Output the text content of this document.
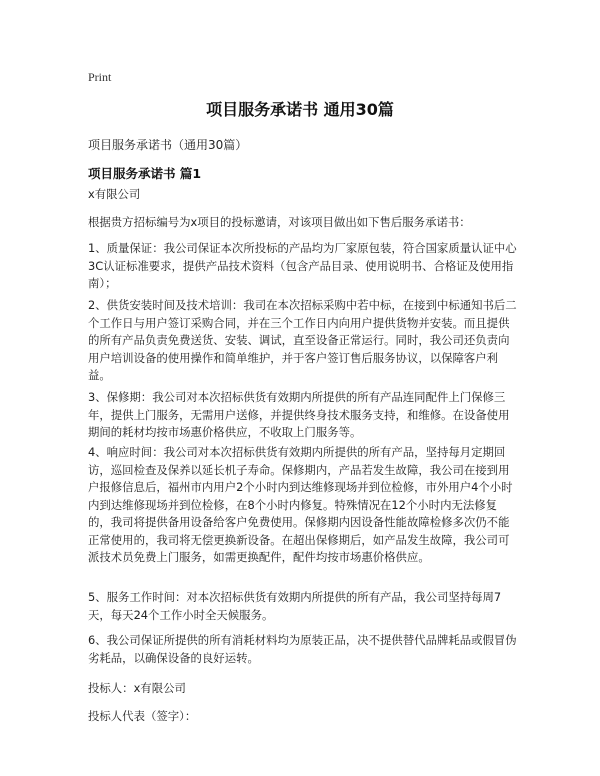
Print
项目服务承诺书 通用30篇
项目服务承诺书（通用30篇）
项目服务承诺书 篇1
x有限公司
根据贵方招标编号为x项目的投标邀请，对该项目做出如下售后服务承诺书：
1、质量保证：我公司保证本次所投标的产品均为厂家原包装，符合国家质量认证中心3C认证标准要求，提供产品技术资料（包含产品目录、使用说明书、合格证及使用指南）；
2、供货安装时间及技术培训：我司在本次招标采购中若中标，在接到中标通知书后二个工作日与用户签订采购合同，并在三个工作日内向用户提供货物并安装。而且提供的所有产品负责免费送货、安装、调试，直至设备正常运行。同时，我公司还负责向用户培训设备的使用操作和简单维护，并于客户签订售后服务协议，以保障客户利益。
3、保修期：我公司对本次招标供货有效期内所提供的所有产品连同配件上门保修三年，提供上门服务，无需用户送修，并提供终身技术服务支持，和维修。在设备使用期间的耗材均按市场惠价格供应，不收取上门服务等。
4、响应时间：我公司对本次招标供货有效期内所提供的所有产品，坚持每月定期回访，巡回检查及保养以延长机子寿命。保修期内，产品若发生故障，我公司在接到用户报修信息后，福州市内用户2个小时内到达维修现场并到位检修，市外用户4个小时内到达维修现场并到位检修，在8个小时内修复。特殊情况在12个小时内无法修复的，我司将提供备用设备给客户免费使用。保修期内因设备性能故障检修多次仍不能正常使用的，我司将无偿更换新设备。在超出保修期后，如产品发生故障，我公司可派技术员免费上门服务，如需更换配件，配件均按市场惠价格供应。
5、服务工作时间：对本次招标供货有效期内所提供的所有产品，我公司坚持每周7天，每天24个工作小时全天候服务。
6、我公司保证所提供的所有消耗材料均为原装正品，决不提供替代品牌耗品或假冒伪劣耗品，以确保设备的良好运转。
投标人：x有限公司
投标人代表（签字）：
